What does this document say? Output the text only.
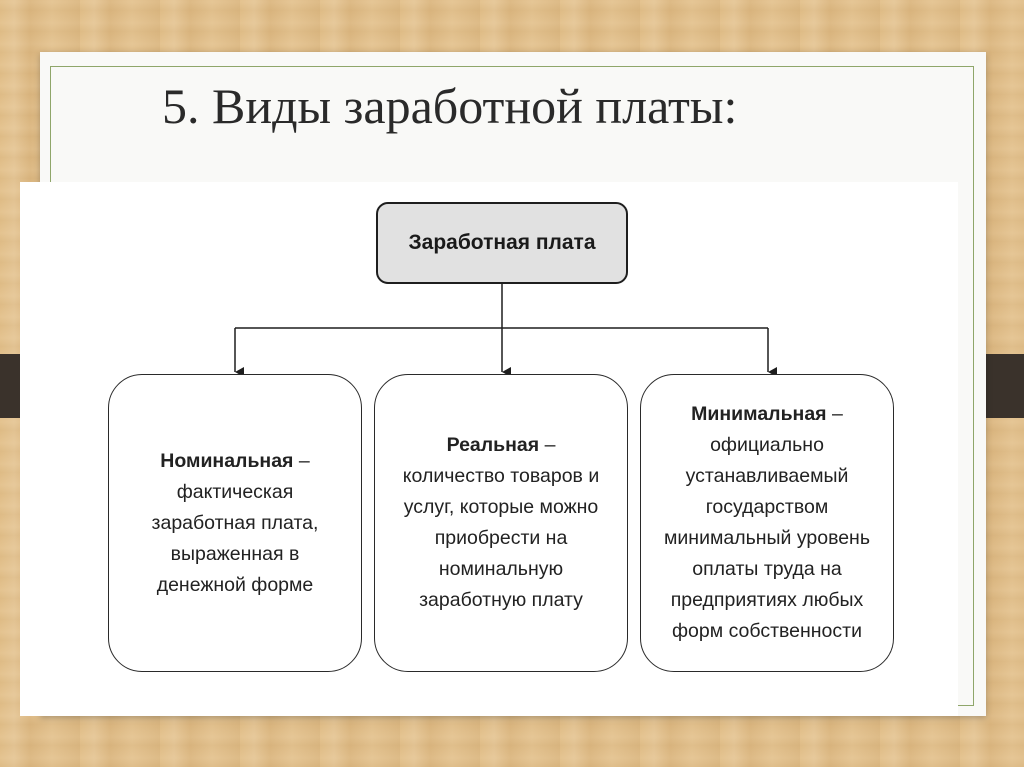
5. Виды заработной платы:
Заработная плата
Номинальная –
фактическая
заработная плата,
выраженная в
денежной форме
Реальная –
количество товаров и
услуг, которые можно
приобрести на
номинальную
заработную плату
Минимальная –
официально
устанавливаемый
государством
минимальный уровень
оплаты труда на
предприятиях любых
форм собственности
